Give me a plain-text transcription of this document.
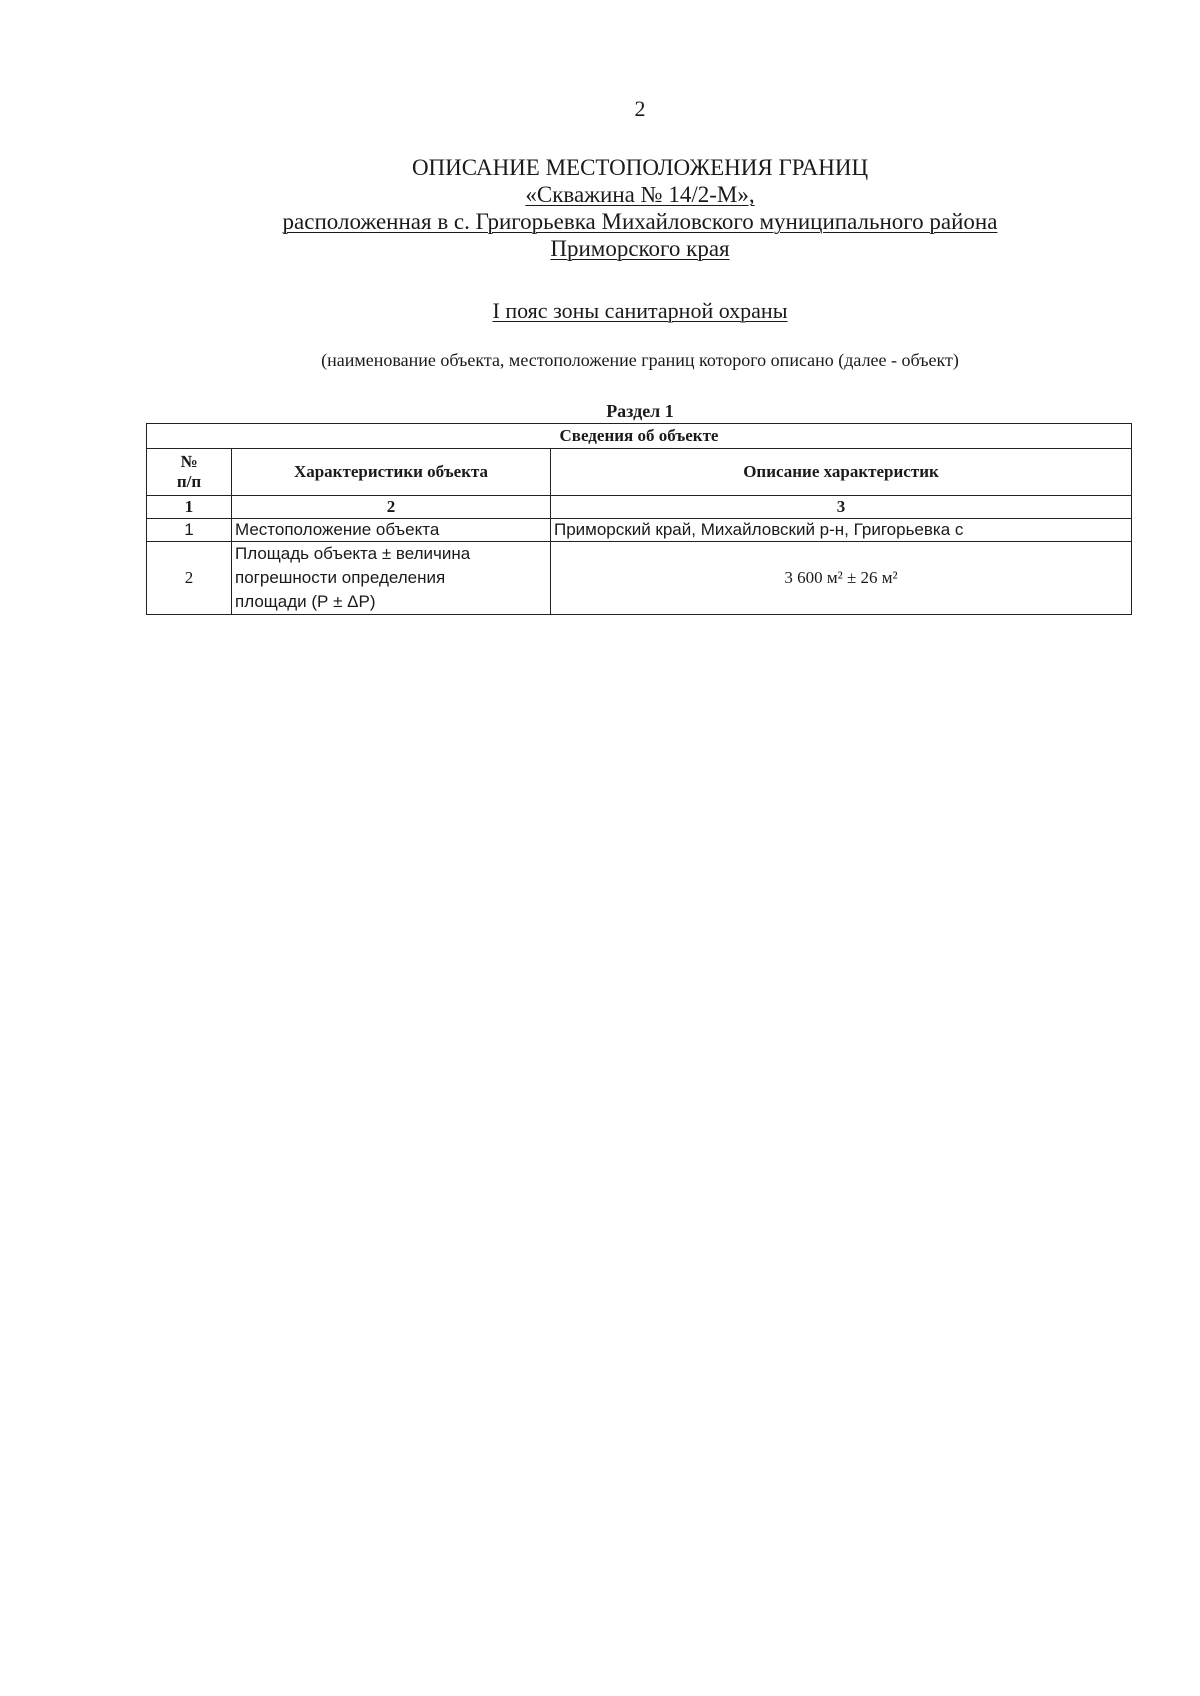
2
ОПИСАНИЕ МЕСТОПОЛОЖЕНИЯ ГРАНИЦ
«Скважина № 14/2-М»,
расположенная в с. Григорьевка Михайловского муниципального района
Приморского края
I пояс зоны санитарной охраны
(наименование объекта, местоположение границ которого описано (далее - объект)
Раздел 1
Сведения об объекте		
№
п/п	Характеристики объекта	Описание характеристик
1	2	3
1	Местоположение объекта	Приморский край, Михайловский р-н, Григорьевка с
2	Площадь объекта ± величина
погрешности определения
площади (Р ± ΔР)	3 600 м² ± 26 м²
